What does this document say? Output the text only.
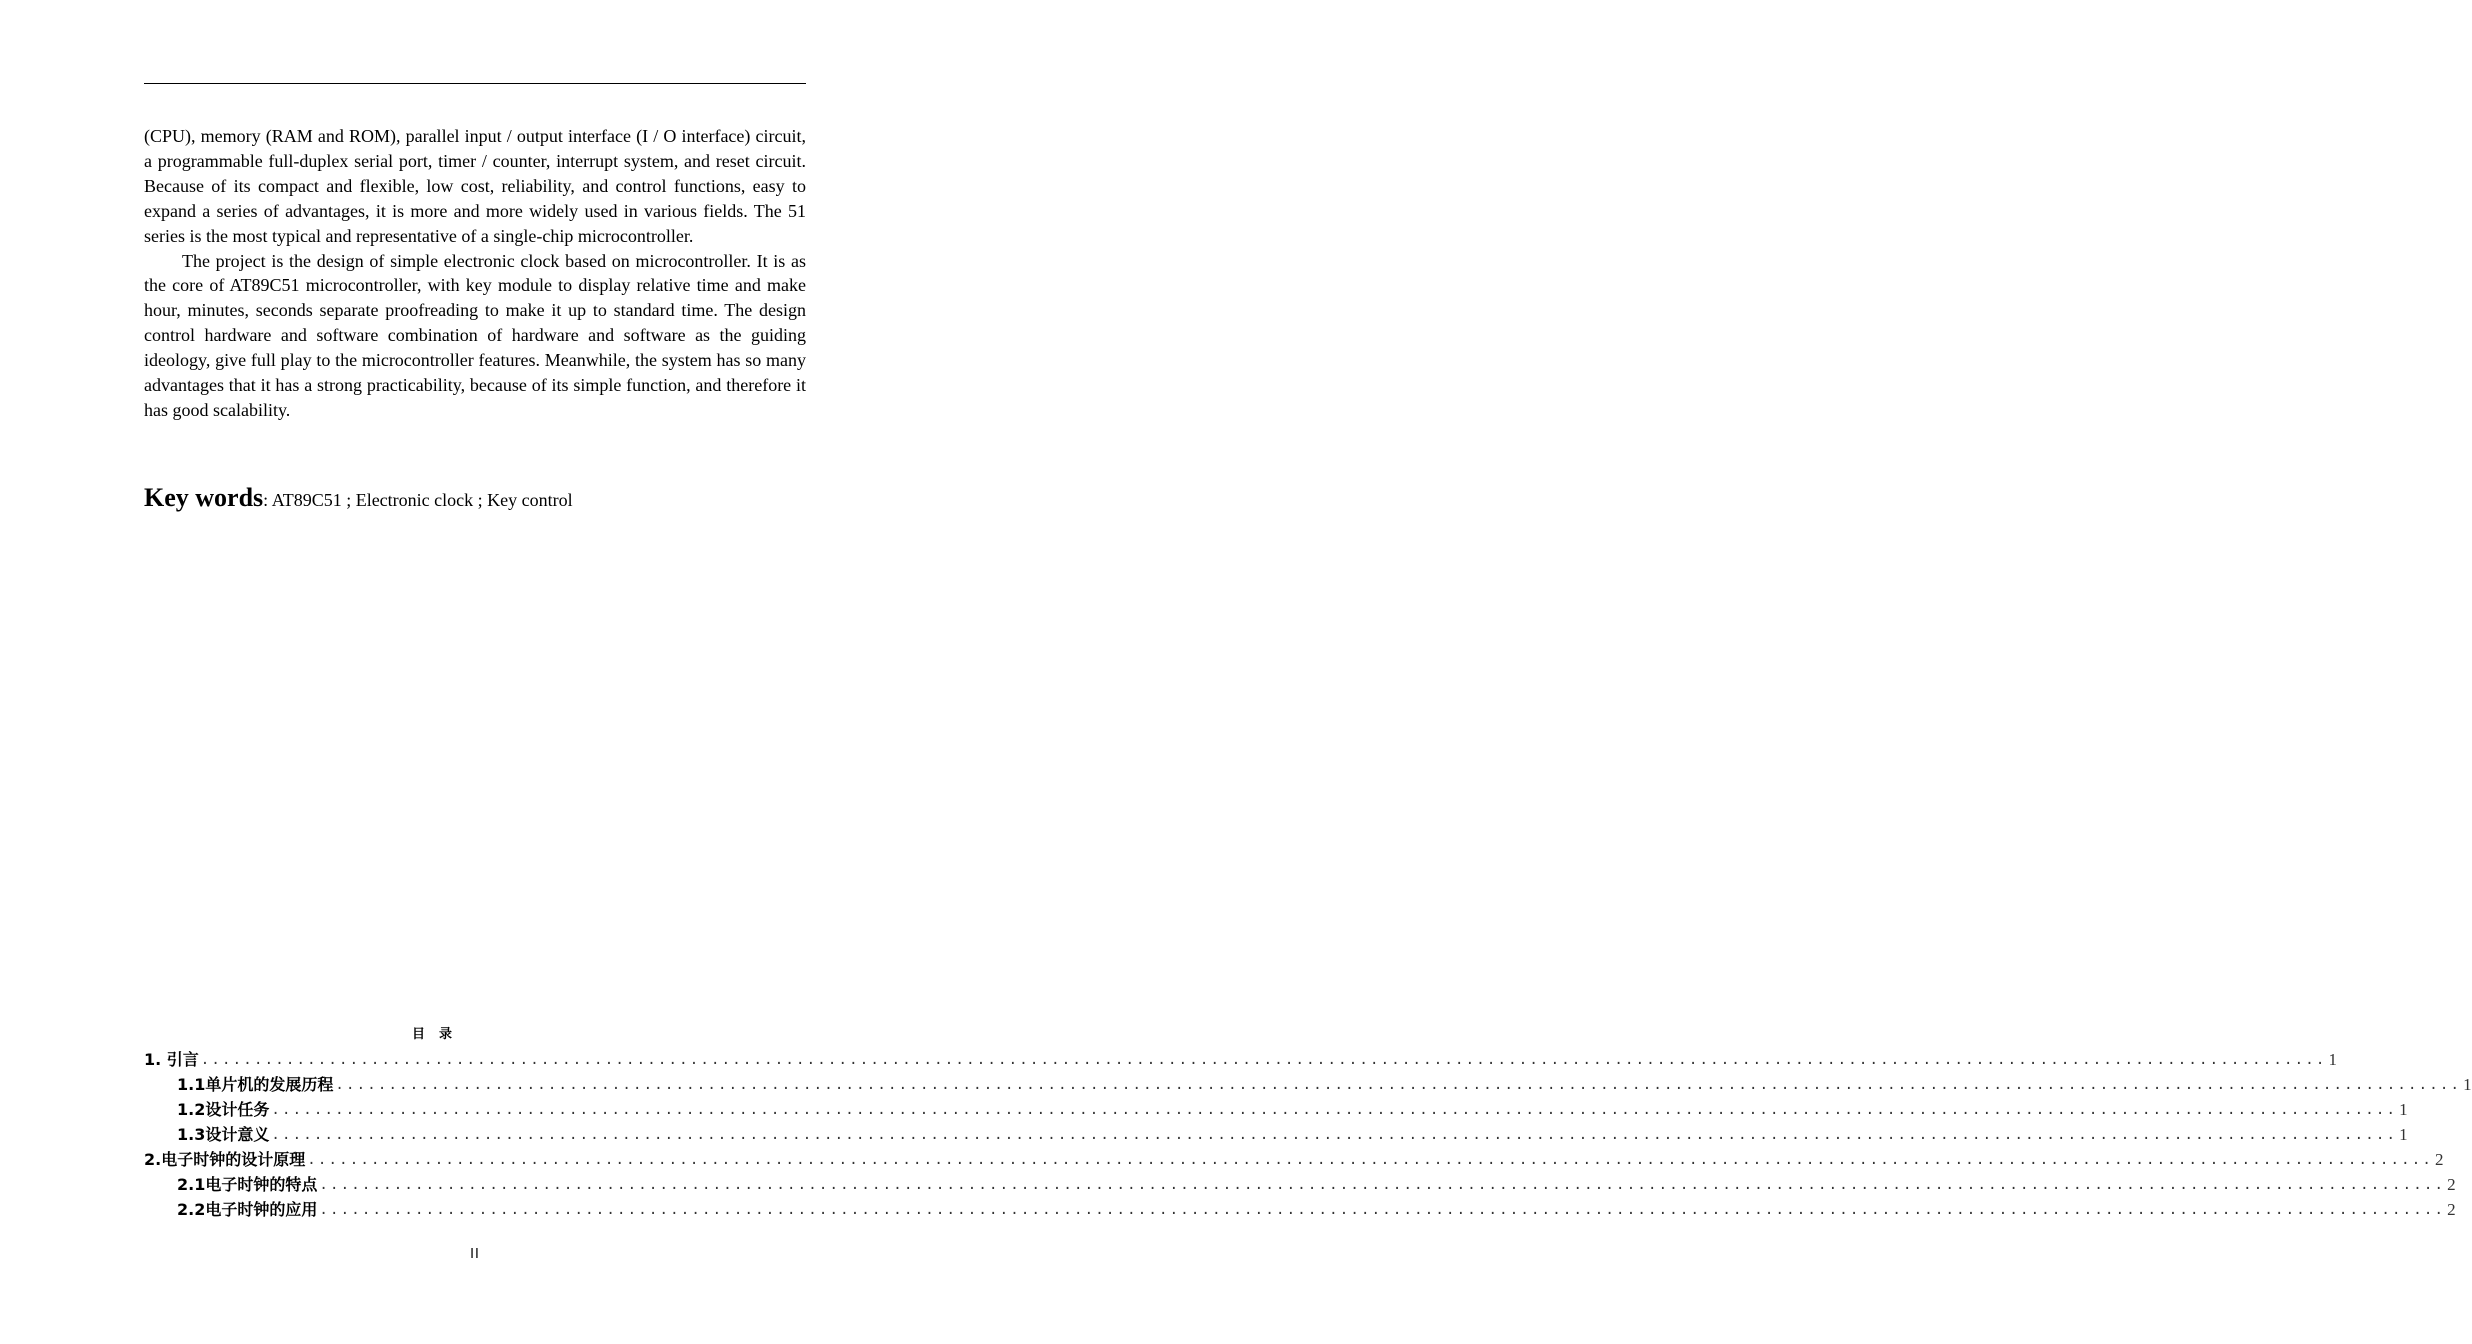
(CPU), memory (RAM and ROM), parallel input / output interface (I / O interface) circuit, a programmable full-duplex serial port, timer / counter, interrupt system, and reset circuit. Because of its compact and flexible, low cost, reliability, and control functions, easy to expand a series of advantages, it is more and more widely used in various fields. The 51 series is the most typical and representative of a single-chip microcontroller.

The project is the design of simple electronic clock based on microcontroller. It is as the core of AT89C51 microcontroller, with key module to display relative time and make hour, minutes, seconds separate proofreading to make it up to standard time. The design control hardware and software combination of hardware and software as the guiding ideology, give full play to the microcontroller features. Meanwhile, the system has so many advantages that it has a strong practicability, because of its simple function, and therefore it has good scalability.

Key words: AT89C51 ; Electronic clock ; Key control
目录
1. 引言 ........................................................................................................................................................................................................ 1
1.1单片机的发展历程 ........................................................................................................................................................................................................ 1
1.2设计任务 ........................................................................................................................................................................................................ 1
1.3设计意义 ........................................................................................................................................................................................................ 1
2.电子时钟的设计原理 ........................................................................................................................................................................................................ 2
2.1电子时钟的特点 ........................................................................................................................................................................................................ 2
2.2电子时钟的应用 ........................................................................................................................................................................................................ 2
II
